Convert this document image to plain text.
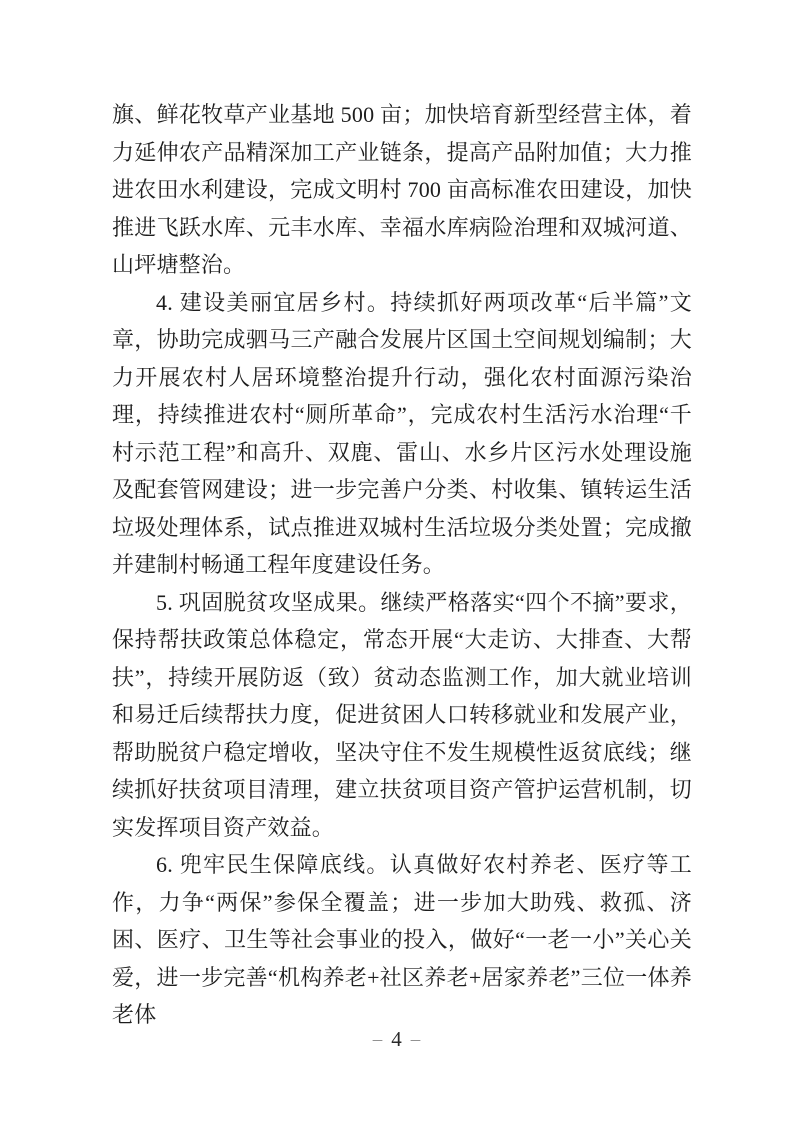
旗、鲜花牧草产业基地 500 亩；加快培育新型经营主体，着力延伸农产品精深加工产业链条，提高产品附加值；大力推进农田水利建设，完成文明村 700 亩高标准农田建设，加快推进飞跃水库、元丰水库、幸福水库病险治理和双城河道、山坪塘整治。

4. 建设美丽宜居乡村。持续抓好两项改革“后半篇”文章，协助完成驷马三产融合发展片区国土空间规划编制；大力开展农村人居环境整治提升行动，强化农村面源污染治理，持续推进农村“厕所革命”，完成农村生活污水治理“千村示范工程”和高升、双鹿、雷山、水乡片区污水处理设施及配套管网建设；进一步完善户分类、村收集、镇转运生活垃圾处理体系，试点推进双城村生活垃圾分类处置；完成撤并建制村畅通工程年度建设任务。

5. 巩固脱贫攻坚成果。继续严格落实“四个不摘”要求，保持帮扶政策总体稳定，常态开展“大走访、大排查、大帮扶”，持续开展防返（致）贫动态监测工作，加大就业培训和易迁后续帮扶力度，促进贫困人口转移就业和发展产业，帮助脱贫户稳定增收，坚决守住不发生规模性返贫底线；继续抓好扶贫项目清理，建立扶贫项目资产管护运营机制，切实发挥项目资产效益。

6. 兜牢民生保障底线。认真做好农村养老、医疗等工作，力争“两保”参保全覆盖；进一步加大助残、救孤、济困、医疗、卫生等社会事业的投入，做好“一老一小”关心关爱，进一步完善“机构养老+社区养老+居家养老”三位一体养老体

– 4 –
